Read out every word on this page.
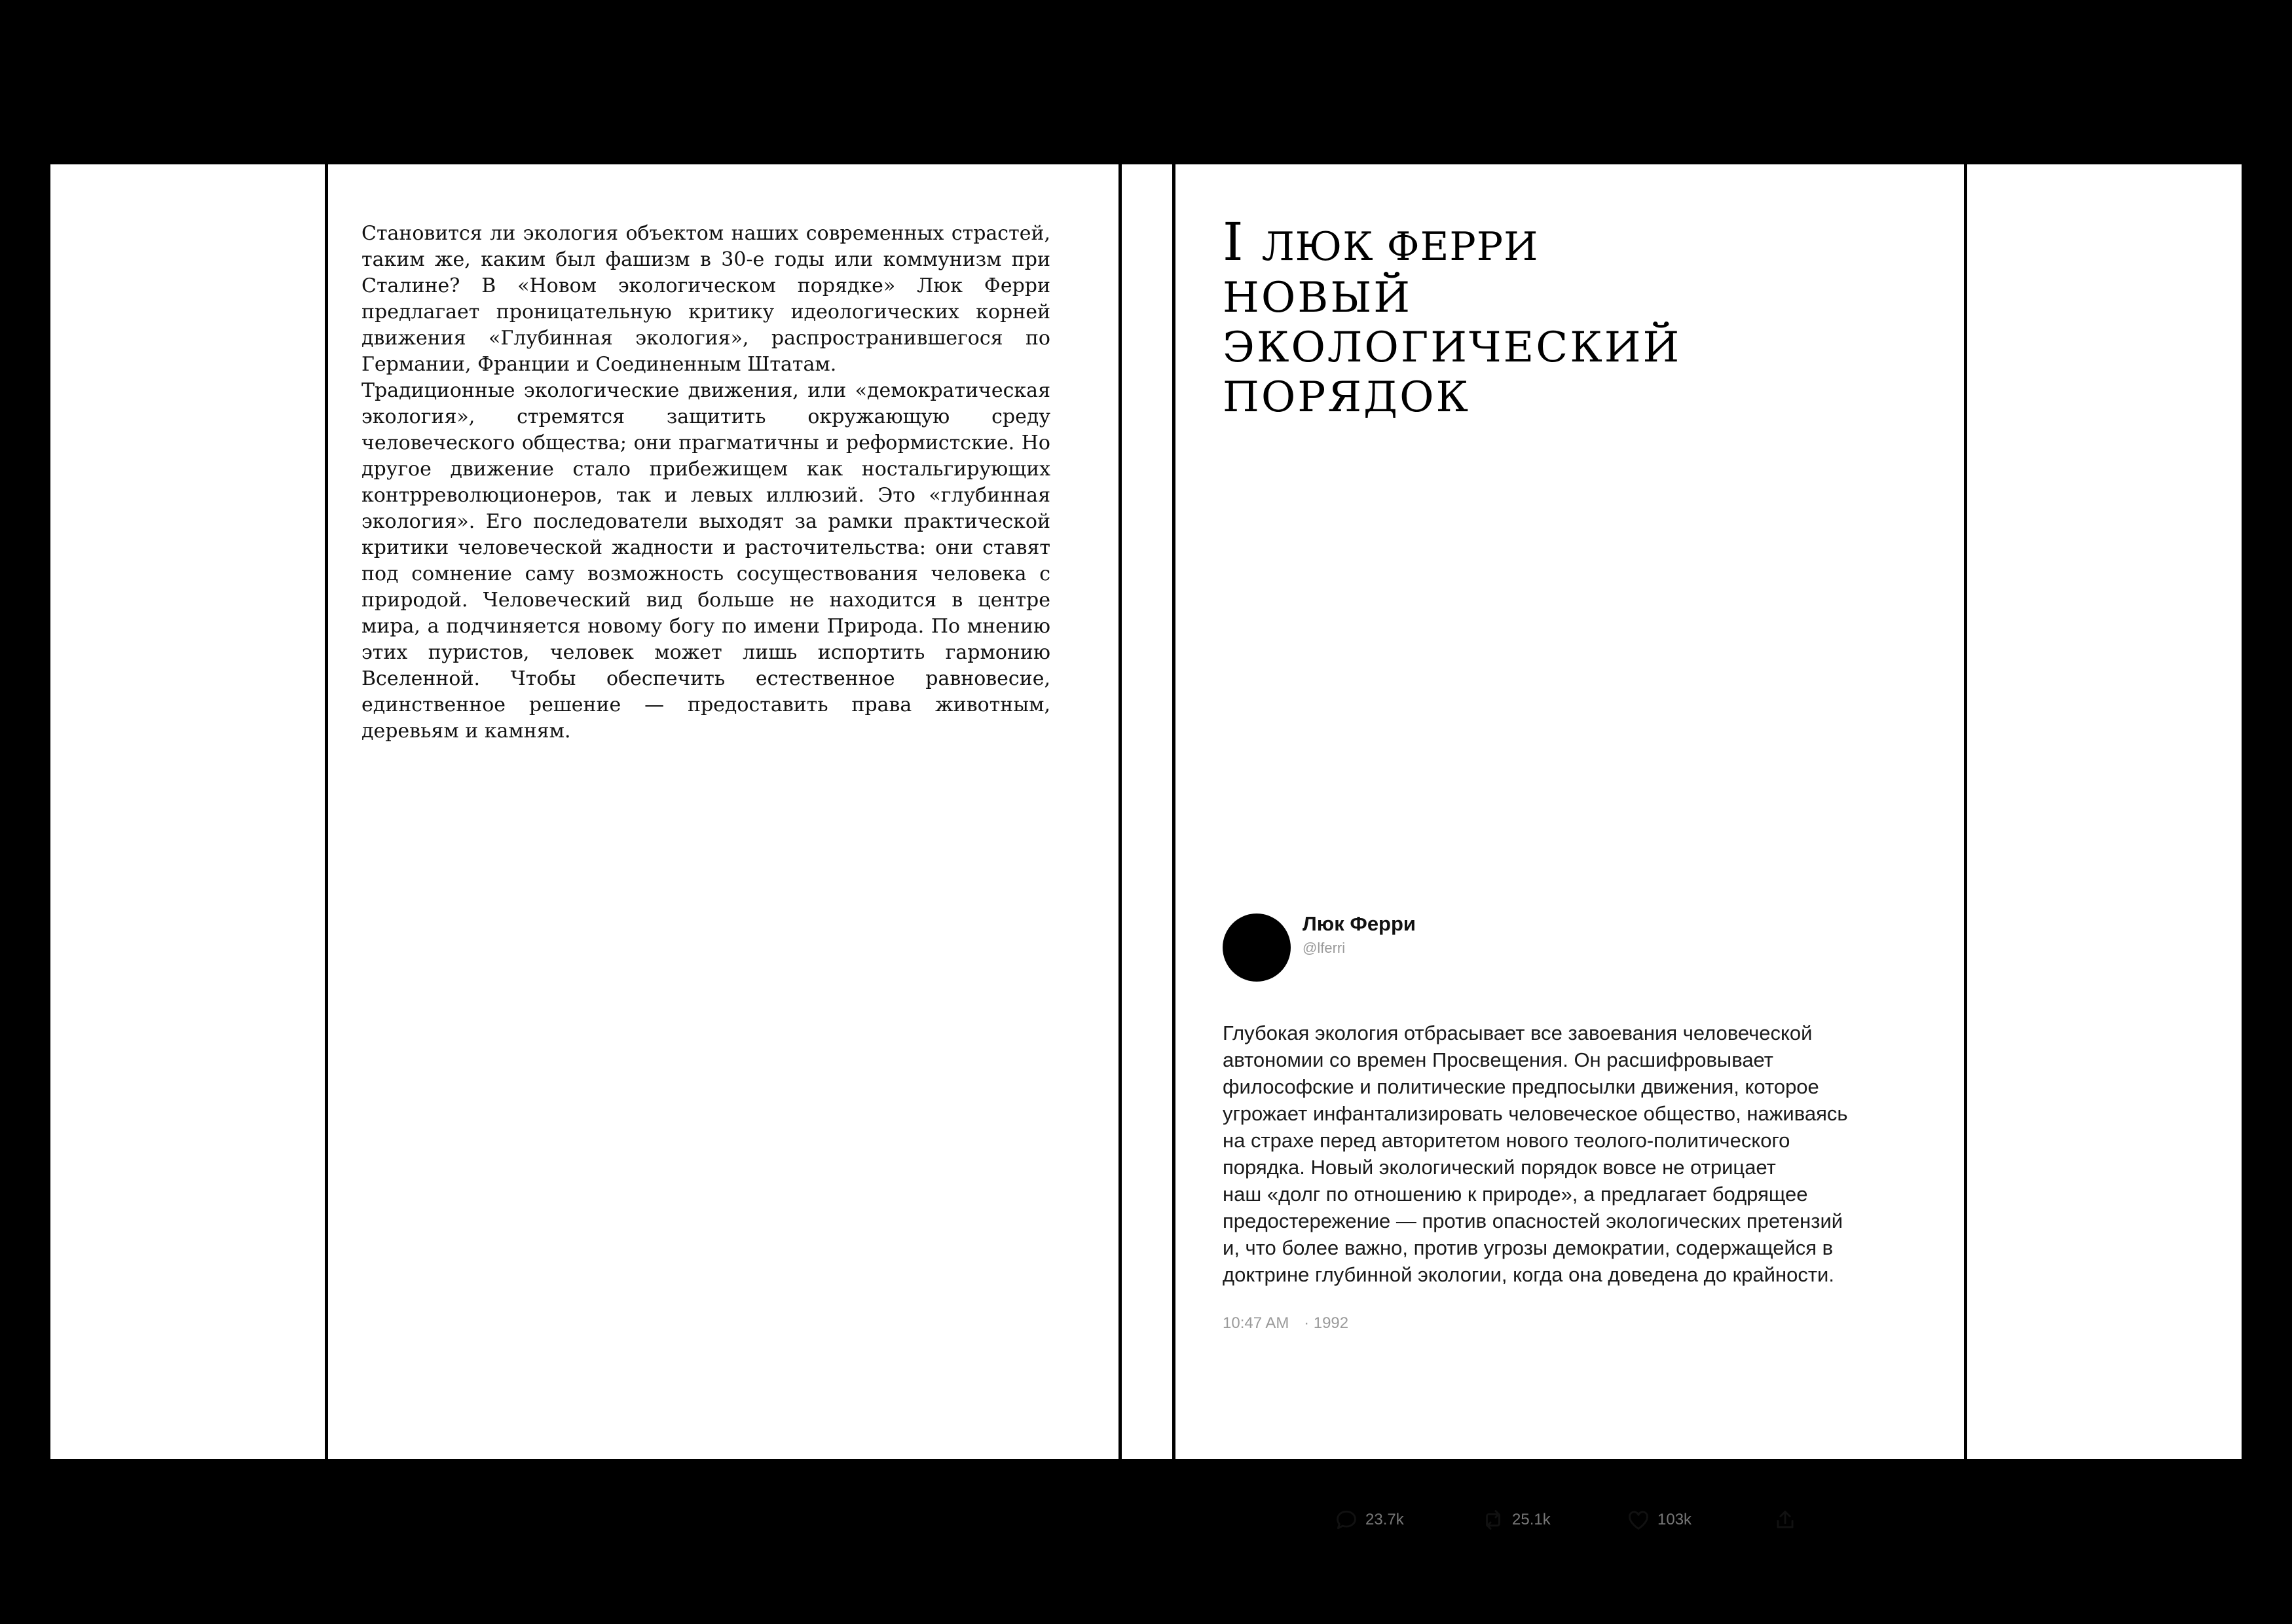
Становится ли экология объектом наших современных страстей, таким же, каким был фашизм в 30-е годы или коммунизм при Сталине? В «Новом экологическом порядке» Люк Ферри предлагает проницательную критику идеологических корней движения «Глубинная экология», распространившегося по Германии, Франции и Соединенным Штатам.

Традиционные экологические движения, или «демократическая экология», стремятся защитить окружающую среду человеческого общества; они прагматичны и реформистские. Но другое движение стало прибежищем как ностальгирующих контрреволюционеров, так и левых иллюзий. Это «глубинная экология». Его последователи выходят за рамки практической критики человеческой жадности и расточительства: они ставят под сомнение саму возможность сосуществования человека с природой. Человеческий вид больше не находится в центре мира, а подчиняется новому богу по имени Природа. По мнению этих пуристов, человек может лишь испортить гармонию Вселенной. Чтобы обеспечить естественное равновесие, единственное решение — предоставить права животным, деревьям и камням.

I ЛЮК ФЕРРИ
НОВЫЙ
ЭКОЛОГИЧЕСКИЙ
ПОРЯДОК
Люк Ферри
@lferri
Глубокая экология отбрасывает все завоевания человеческой
автономии со времен Просвещения. Он расшифровывает
философские и политические предпосылки движения, которое
угрожает инфантализировать человеческое общество, наживаясь
на страхе перед авторитетом нового теолого-политического
порядка. Новый экологический порядок вовсе не отрицает
наш «долг по отношению к природе», а предлагает бодрящее
предостережение — против опасностей экологических претензий
и, что более важно, против угрозы демократии, содержащейся в
доктрине глубинной экологии, когда она доведена до крайности.
10:47 AM · 1992
23.7k	25.1k	103k
